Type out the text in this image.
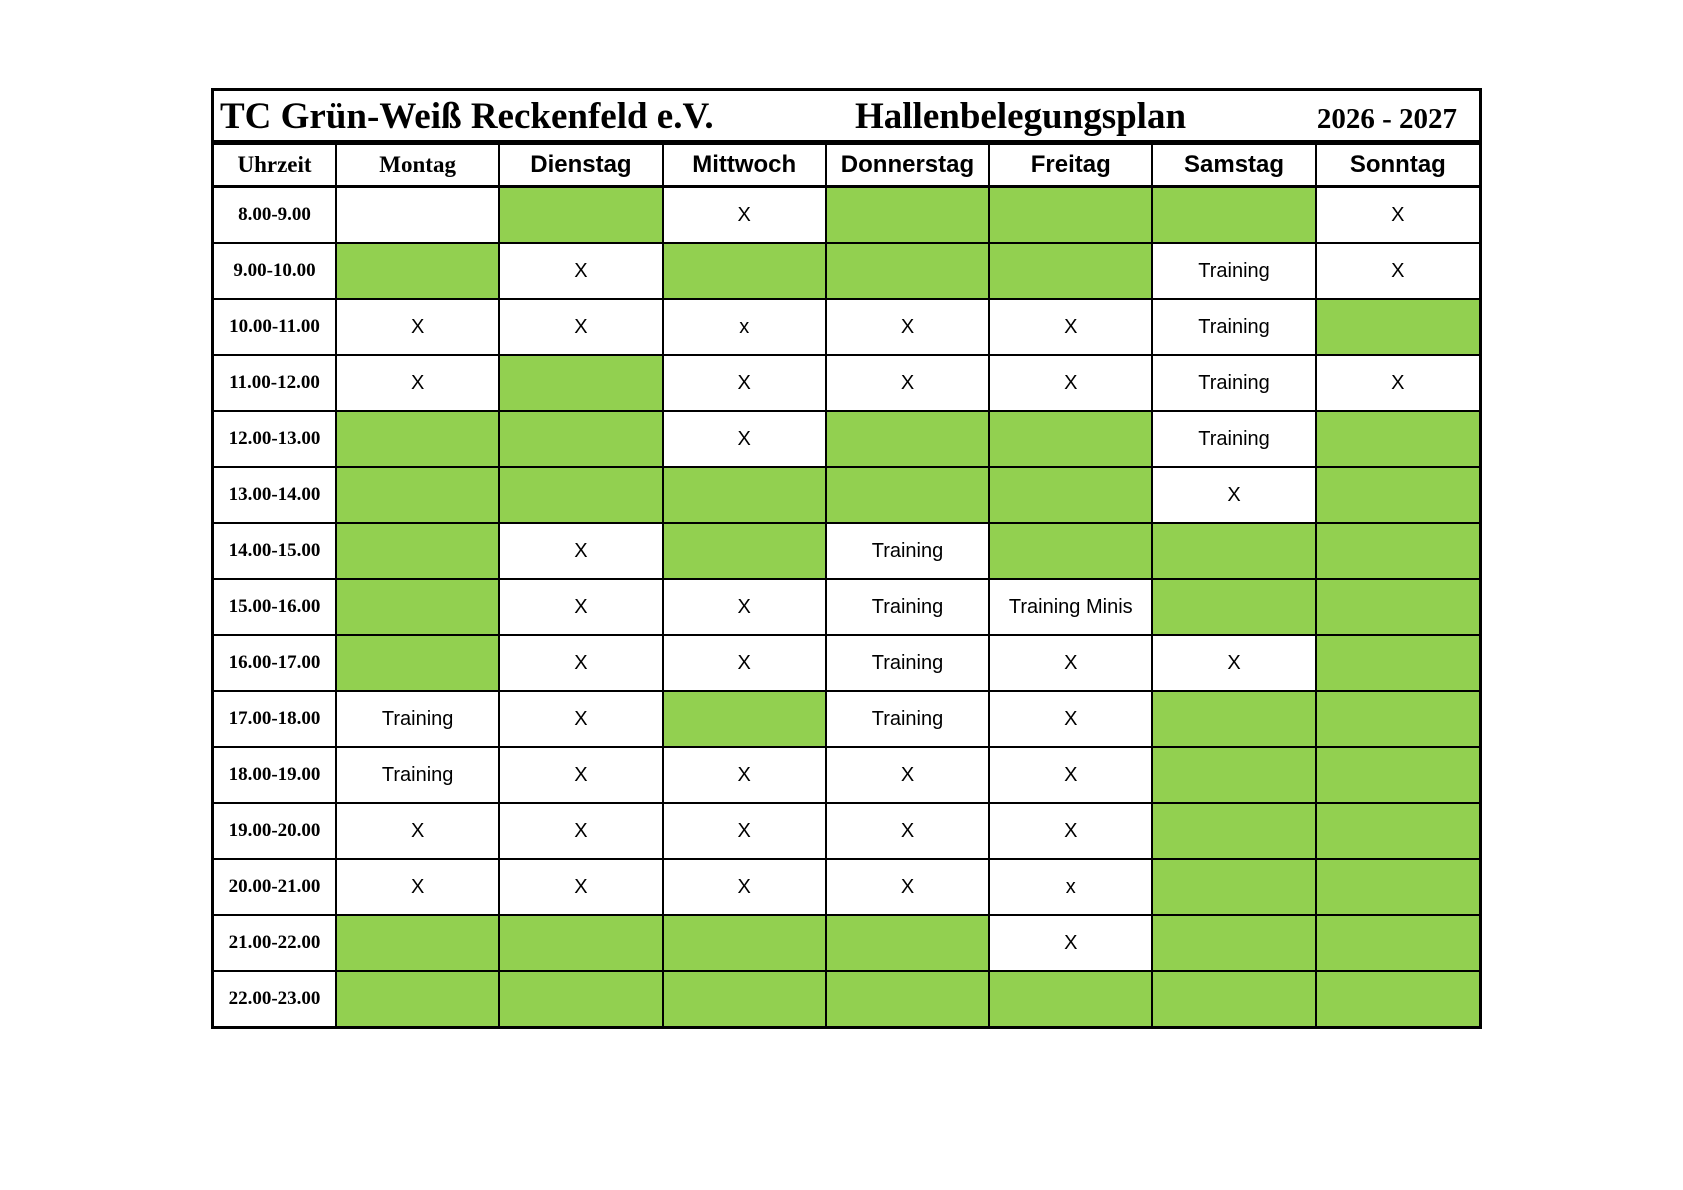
TC Grün-Weiß Reckenfeld e.V.	Hallenbelegungsplan	2026 - 2027
Uhrzeit	Montag	Dienstag	Mittwoch	Donnerstag	Freitag	Samstag	Sonntag
8.00-9.00			X				X
9.00-10.00		X				Training	X
10.00-11.00	X	X	x	X	X	Training	
11.00-12.00	X		X	X	X	Training	X
12.00-13.00			X			Training	
13.00-14.00						X	
14.00-15.00		X		Training			
15.00-16.00		X	X	Training	Training Minis		
16.00-17.00		X	X	Training	X	X	
17.00-18.00	Training	X		Training	X		
18.00-19.00	Training	X	X	X	X		
19.00-20.00	X	X	X	X	X		
20.00-21.00	X	X	X	X	x		
21.00-22.00					X		
22.00-23.00							
